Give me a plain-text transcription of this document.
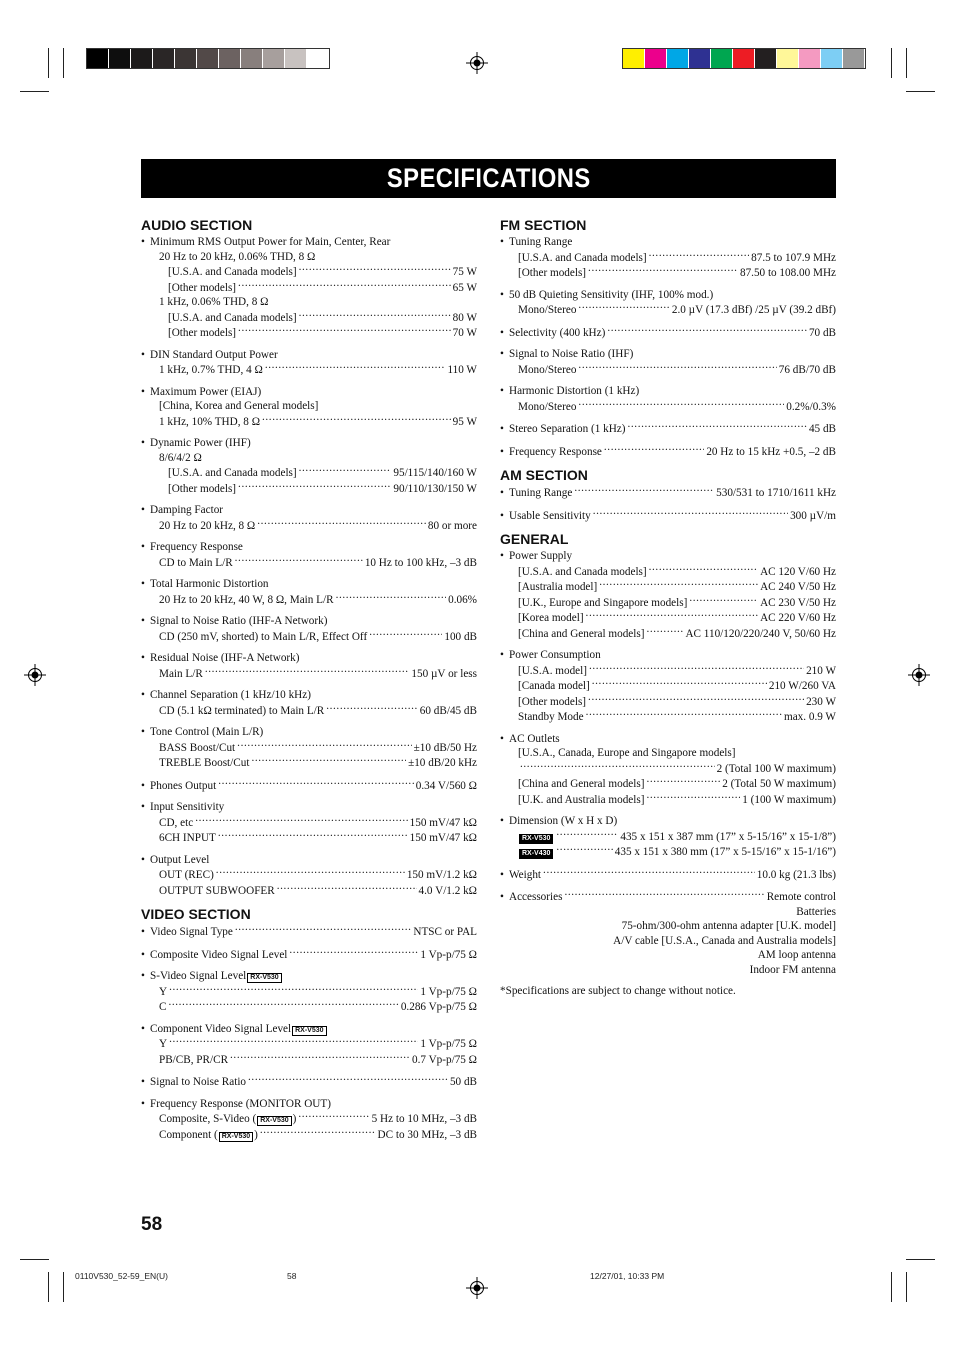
SPECIFICATIONS
AUDIO SECTION
• Minimum RMS Output Power for Main, Center, Rear
20 Hz to 20 kHz, 0.06% THD, 8 Ω
[U.S.A. and Canada models] .....	75 W
[Other models] .....	65 W
1 kHz, 0.06% THD, 8 Ω
[U.S.A. and Canada models] .....	80 W
[Other models] .....	70 W
• DIN Standard Output Power
1 kHz, 0.7% THD, 4 Ω .....	110 W
• Maximum Power (EIAJ)
[China, Korea and General models]
1 kHz, 10% THD, 8 Ω .....	95 W
• Dynamic Power (IHF)
8/6/4/2 Ω
[U.S.A. and Canada models] .....	95/115/140/160 W
[Other models] .....	90/110/130/150 W
• Damping Factor
20 Hz to 20 kHz, 8 Ω .....	80 or more
• Frequency Response
CD to Main L/R .....	10 Hz to 100 kHz, –3 dB
• Total Harmonic Distortion
20 Hz to 20 kHz, 40 W, 8 Ω, Main L/R .....	0.06%
• Signal to Noise Ratio (IHF-A Network)
CD (250 mV, shorted) to Main L/R, Effect Off .....	100 dB
• Residual Noise (IHF-A Network)
Main L/R .....	150 µV or less
• Channel Separation (1 kHz/10 kHz)
CD (5.1 kΩ terminated) to Main L/R .....	60 dB/45 dB
• Tone Control (Main L/R)
BASS Boost/Cut .....	±10 dB/50 Hz
TREBLE Boost/Cut .....	±10 dB/20 kHz
• Phones Output .....	0.34 V/560 Ω
• Input Sensitivity
CD, etc .....	150 mV/47 kΩ
6CH INPUT .....	150 mV/47 kΩ
• Output Level
OUT (REC) .....	150 mV/1.2 kΩ
OUTPUT SUBWOOFER .....	4.0 V/1.2 kΩ
VIDEO SECTION
• Video Signal Type .....	NTSC or PAL
• Composite Video Signal Level .....	1 Vp-p/75 Ω
• S-Video Signal Level RX-V530
Y .....	1 Vp-p/75 Ω
C .....	0.286 Vp-p/75 Ω
• Component Video Signal Level RX-V530
Y .....	1 Vp-p/75 Ω
PB/CB, PR/CR .....	0.7 Vp-p/75 Ω
• Signal to Noise Ratio .....	50 dB
• Frequency Response (MONITOR OUT)
Composite, S-Video ( RX-V530 ) .....	5 Hz to 10 MHz, –3 dB
Component ( RX-V530 ) .....	DC to 30 MHz, –3 dB
FM SECTION
• Tuning Range
[U.S.A. and Canada models] .....	87.5 to 107.9 MHz
[Other models] .....	87.50 to 108.00 MHz
• 50 dB Quieting Sensitivity (IHF, 100% mod.)
Mono/Stereo .....	2.0 µV (17.3 dBf) /25 µV (39.2 dBf)
• Selectivity (400 kHz) .....	70 dB
• Signal to Noise Ratio (IHF)
Mono/Stereo .....	76 dB/70 dB
• Harmonic Distortion (1 kHz)
Mono/Stereo .....	0.2%/0.3%
• Stereo Separation (1 kHz) .....	45 dB
• Frequency Response .....	20 Hz to 15 kHz +0.5, –2 dB
AM SECTION
• Tuning Range .....	530/531 to 1710/1611 kHz
• Usable Sensitivity .....	300 µV/m
GENERAL
• Power Supply
[U.S.A. and Canada models] .....	AC 120 V/60 Hz
[Australia model] .....	AC 240 V/50 Hz
[U.K., Europe and Singapore models] .....	AC 230 V/50 Hz
[Korea model] .....	AC 220 V/60 Hz
[China and General models] .....	AC 110/120/220/240 V, 50/60 Hz
• Power Consumption
[U.S.A. model] .....	210 W
[Canada model] .....	210 W/260 VA
[Other models] .....	230 W
Standby Mode .....	max. 0.9 W
• AC Outlets
[U.S.A., Canada, Europe and Singapore models]
.....
2 (Total 100 W maximum)
[China and General models] .....	2 (Total 50 W maximum)
[U.K. and Australia models] .....	1 (100 W maximum)
• Dimension (W x H x D)
RX-V530 .....	435 x 151 x 387 mm (17” x 5-15/16” x 15-1/8”)
RX-V430 .....	435 x 151 x 380 mm (17” x 5-15/16” x 15-1/16”)
• Weight .....	10.0 kg (21.3 lbs)
• Accessories .....	Remote control
Batteries
75-ohm/300-ohm antenna adapter [U.K. model]
A/V cable [U.S.A., Canada and Australia models]
AM loop antenna
Indoor FM antenna
*Specifications are subject to change without notice.
58
0110V530_52-59_EN(U)	58	12/27/01, 10:33 PM
